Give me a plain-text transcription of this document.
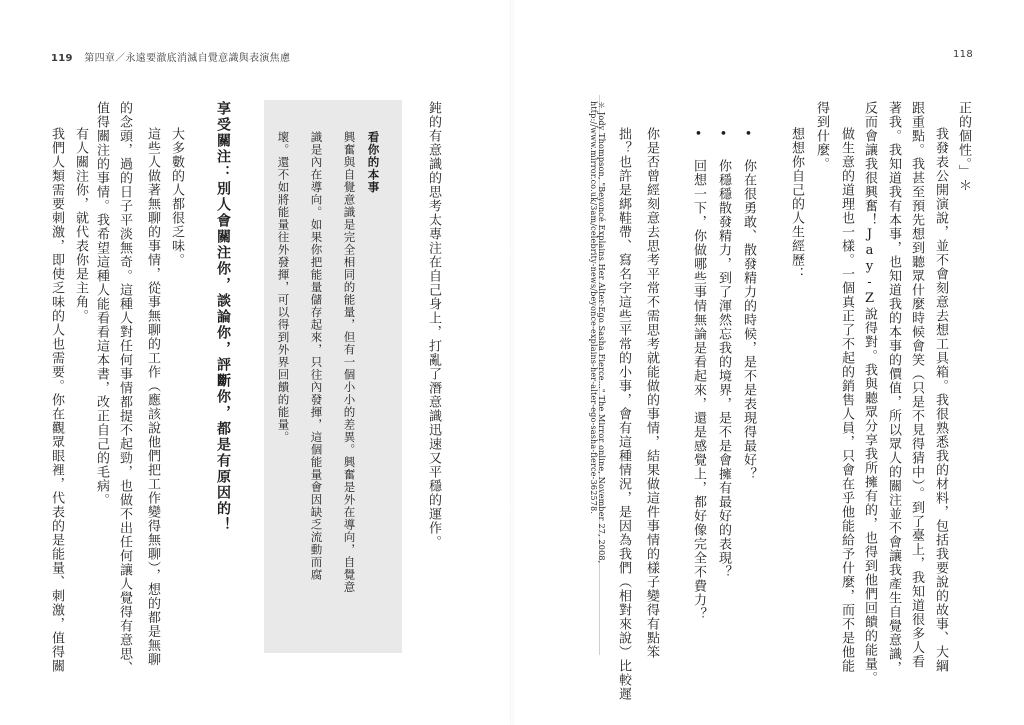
119 第四章／永遠要澈底消滅自覺意識與表演焦慮
我們人類需要刺激，即使乏味的人也需要。你在觀眾眼裡，代表的是能量、刺激，值得關 有人關注你，就代表你是主角。 值得關注的事情。我希望這種人能看看這本書，改正自己的毛病。 的念頭，過的日子平淡無奇。這種人對任何事情都提不起勁，也做不出任何讓人覺得有意思、 這些人做著無聊的事情，從事無聊的工作（應該說他們把工作變得無聊），想的都是無聊 大多數的人都很乏味。 享受關注：別人會關注你，談論你，評斷你，都是有原因的！	壞。還不如將能量往外發揮，可以得到外界回饋的能量。 識是內在導向。如果你把能量儲存起來，只往內發揮，這個能量會因缺乏流動而腐 興奮與自覺意識是完全相同的能量，但有一個小小的差異。興奮是外在導向，自覺意 看你的本事	鈍的有意識的思考太專注在自己身上，打亂了潛意識迅速又平穩的運作。
118
＊ Jody Thompson, "Beyoncé Explains Her Alter-Ego Sasha Fierce…" The Mirror online, November 27, 2008, http://www.mirror.co.uk/3am/celebrity-news/beyonce-explains-her-alter-ego-sasha-fierce-362578.	拙？也許是綁鞋帶、寫名字這些平常的小事，會有這種情況，是因為我們（相對來說）比較遲 你是否曾經刻意去思考平常不需思考就能做的事情，結果做這件事情的樣子變得有點笨 • 回想一下，你做哪些事情無論是看起來，還是感覺上，都好像完全不費力？ • 你穩穩散發精力，到了渾然忘我的境界，是不是會擁有最好的表現？ • 你在很勇敢、散發精力的時候，是不是表現得最好？	想想你自己的人生經歷： 得到什麼。 做生意的道理也一樣。一個真正了不起的銷售人員，只會在乎他能給予什麼，而不是他能 反而會讓我很興奮！Jay-Z說得對。我與聽眾分享我所擁有的，也得到他們回饋的能量。 著我。我知道我有本事，也知道我的本事的價值，所以眾人的關注並不會讓我產生自覺意識， 跟重點。我甚至預先想到聽眾什麼時候會笑（只是不見得猜中）。到了臺上，我知道很多人看 我發表公開演說，並不會刻意去想工具箱。我很熟悉我的材料，包括我要說的故事、大綱 正的個性。」＊
